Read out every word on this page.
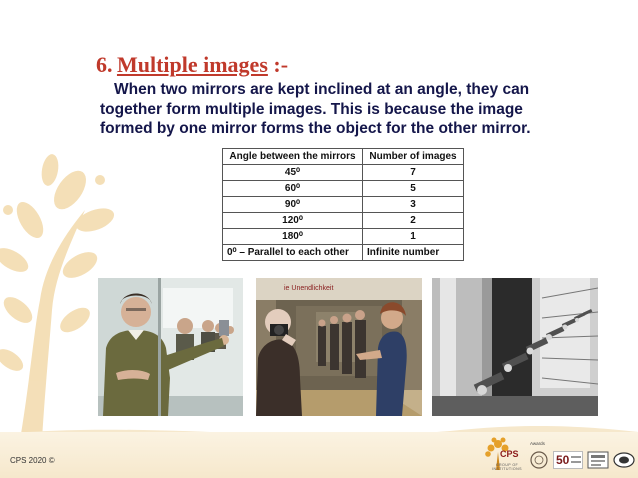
6. Multiple images :-

When two mirrors are kept inclined at an angle, they can
together form multiple images. This is because the image
formed by one mirror forms the object for the other mirror.

Angle between the mirrors	Number of images
45⁰	7
60⁰	5
90⁰	3
120⁰	2
180⁰	1
0⁰ – Parallel to each other	Infinite number
ie Unendlichkeit
CPS 2020 ©
CPS
GROUP OF INSTITUTIONS
Awards
50
